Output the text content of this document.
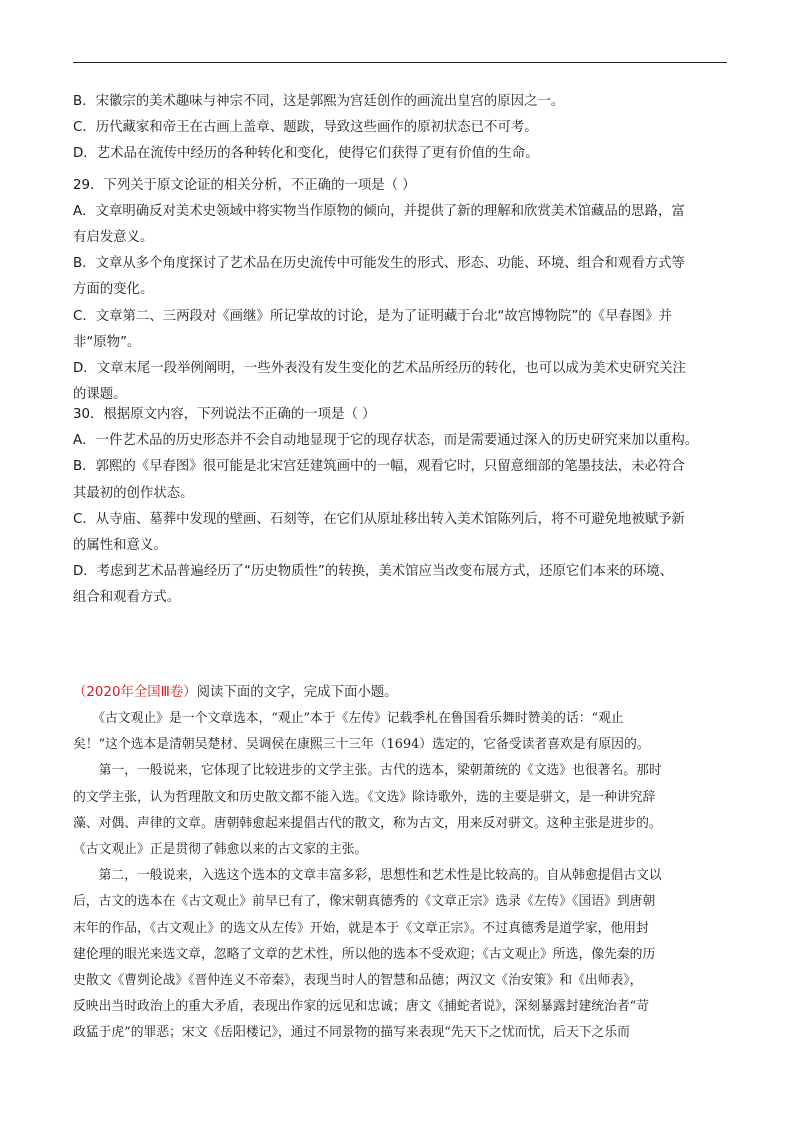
B．宋徽宗的美术趣味与神宗不同，这是郭熙为宫廷创作的画流出皇宫的原因之一。
C．历代藏家和帝王在古画上盖章、题跋，导致这些画作的原初状态已不可考。
D．艺术品在流传中经历的各种转化和变化，使得它们获得了更有价值的生命。
29．下列关于原文论证的相关分析，不正确的一项是（ ）
A．文章明确反对美术史领域中将实物当作原物的倾向，并提供了新的理解和欣赏美术馆藏品的思路，富
有启发意义。
B．文章从多个角度探讨了艺术品在历史流传中可能发生的形式、形态、功能、环境、组合和观看方式等
方面的变化。
C．文章第二、三两段对《画继》所记掌故的讨论，是为了证明藏于台北“故宫博物院”的《早春图》并
非“原物”。
D．文章末尾一段举例阐明，一些外表没有发生变化的艺术品所经历的转化，也可以成为美术史研究关注
的课题。
30．根据原文内容，下列说法不正确的一项是（ ）
A．一件艺术品的历史形态并不会自动地显现于它的现存状态，而是需要通过深入的历史研究来加以重构。
B．郭熙的《早春图》很可能是北宋宫廷建筑画中的一幅，观看它时，只留意细部的笔墨技法，未必符合
其最初的创作状态。
C．从寺庙、墓葬中发现的壁画、石刻等，在它们从原址移出转入美术馆陈列后，将不可避免地被赋予新
的属性和意义。
D．考虑到艺术品普遍经历了“历史物质性”的转换，美术馆应当改变布展方式，还原它们本来的环境、
组合和观看方式。
（2020年全国Ⅲ卷）阅读下面的文字，完成下面小题。
　　《古文观止》是一个文章选本，“观止”本于《左传》记载季札在鲁国看乐舞时赞美的话：“观止
矣！”这个选本是清朝吴楚材、吴调侯在康熙三十三年（1694）选定的，它备受读者喜欢是有原因的。
　　第一，一般说来，它体现了比较进步的文学主张。古代的选本，梁朝萧统的《文选》也很著名。那时
的文学主张，认为哲理散文和历史散文都不能入选。《文选》除诗歌外，选的主要是骈文，是一种讲究辞
藻、对偶、声律的文章。唐朝韩愈起来提倡古代的散文，称为古文，用来反对骈文。这种主张是进步的。
《古文观止》正是贯彻了韩愈以来的古文家的主张。
　　第二，一般说来，入选这个选本的文章丰富多彩，思想性和艺术性是比较高的。自从韩愈提倡古文以
后，古文的选本在《古文观止》前早已有了，像宋朝真德秀的《文章正宗》选录《左传》《国语》到唐朝
末年的作品，《古文观止》的选文从左传》开始，就是本于《文章正宗》。不过真德秀是道学家，他用封
建伦理的眼光来选文章，忽略了文章的艺术性，所以他的选本不受欢迎；《古文观止》所选，像先秦的历
史散文《曹刿论战》《晋仲连义不帝秦》，表现当时人的智慧和品德；两汉文《治安策》和《出师表》，
反映出当时政治上的重大矛盾，表现出作家的远见和忠诚；唐文《捕蛇者说》，深刻暴露封建统治者“苛
政猛于虎”的罪恶；宋文《岳阳楼记》，通过不同景物的描写来表现“先天下之忧而忧，后天下之乐而
